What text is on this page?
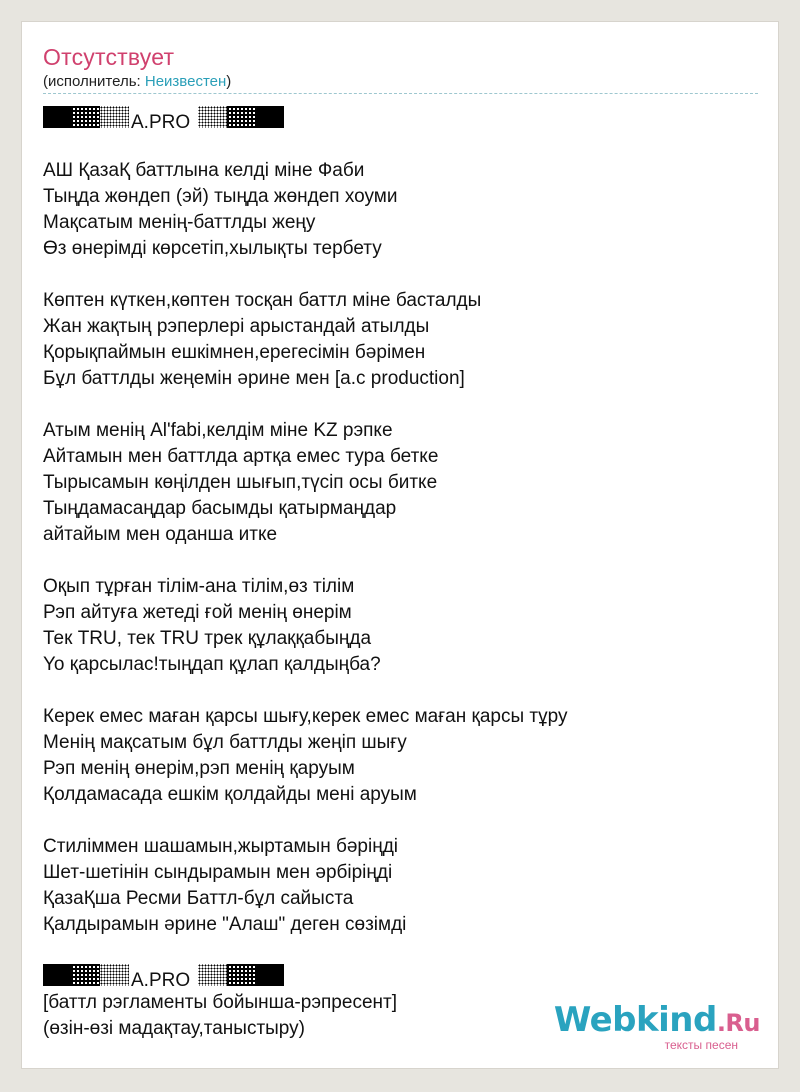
Отсутствует
(исполнитель: Неизвестен)
A.PRO
АШ ҚазаҚ баттлына келді міне Фаби
Тыңда жөндеп (эй) тыңда жөндеп хоуми
Мақсатым менің-баттлды жеңу
Өз өнерімді көрсетіп,хылықты тербету
Көптен күткен,көптен тосқан баттл міне басталды
Жан жақтың рэперлері арыстандай атылды
Қорықпаймын ешкімнен,ерегесімін бәрімен
Бұл баттлды жеңемін әрине мен [a.c production]
Атым менің Al'fabi,келдім міне KZ рэпке
Айтамын мен баттлда артқа емес тура бетке
Тырысамын көңілден шығып,түсіп осы битке
Тыңдамасаңдар басымды қатырмаңдар
айтайым мен оданша итке
Оқып тұрған тілім-ана тілім,өз тілім
Рэп айтуға жетеді ғой менің өнерім
Тек TRU, тек TRU трек құлаққабыңда
Yo қарсылас!тыңдап құлап қалдыңба?
Керек емес маған қарсы шығу,керек емес маған қарсы тұру
Менің мақсатым бұл баттлды жеңіп шығу
Рэп менің өнерім,рэп менің қаруым
Қолдамасада ешкім қолдайды мені аруым
Стиліммен шашамын,жыртамын бәріңді
Шет-шетінін сындырамын мен әрбіріңді
ҚазаҚша Ресми Баттл-бұл сайыста
Қалдырамын әрине "Алаш" деген сөзімді
A.PRO
[баттл рэгламенты бойынша-рэпресент]
(өзін-өзі мадақтау,таныстыру)	Webkind.Ru
тексты песен
